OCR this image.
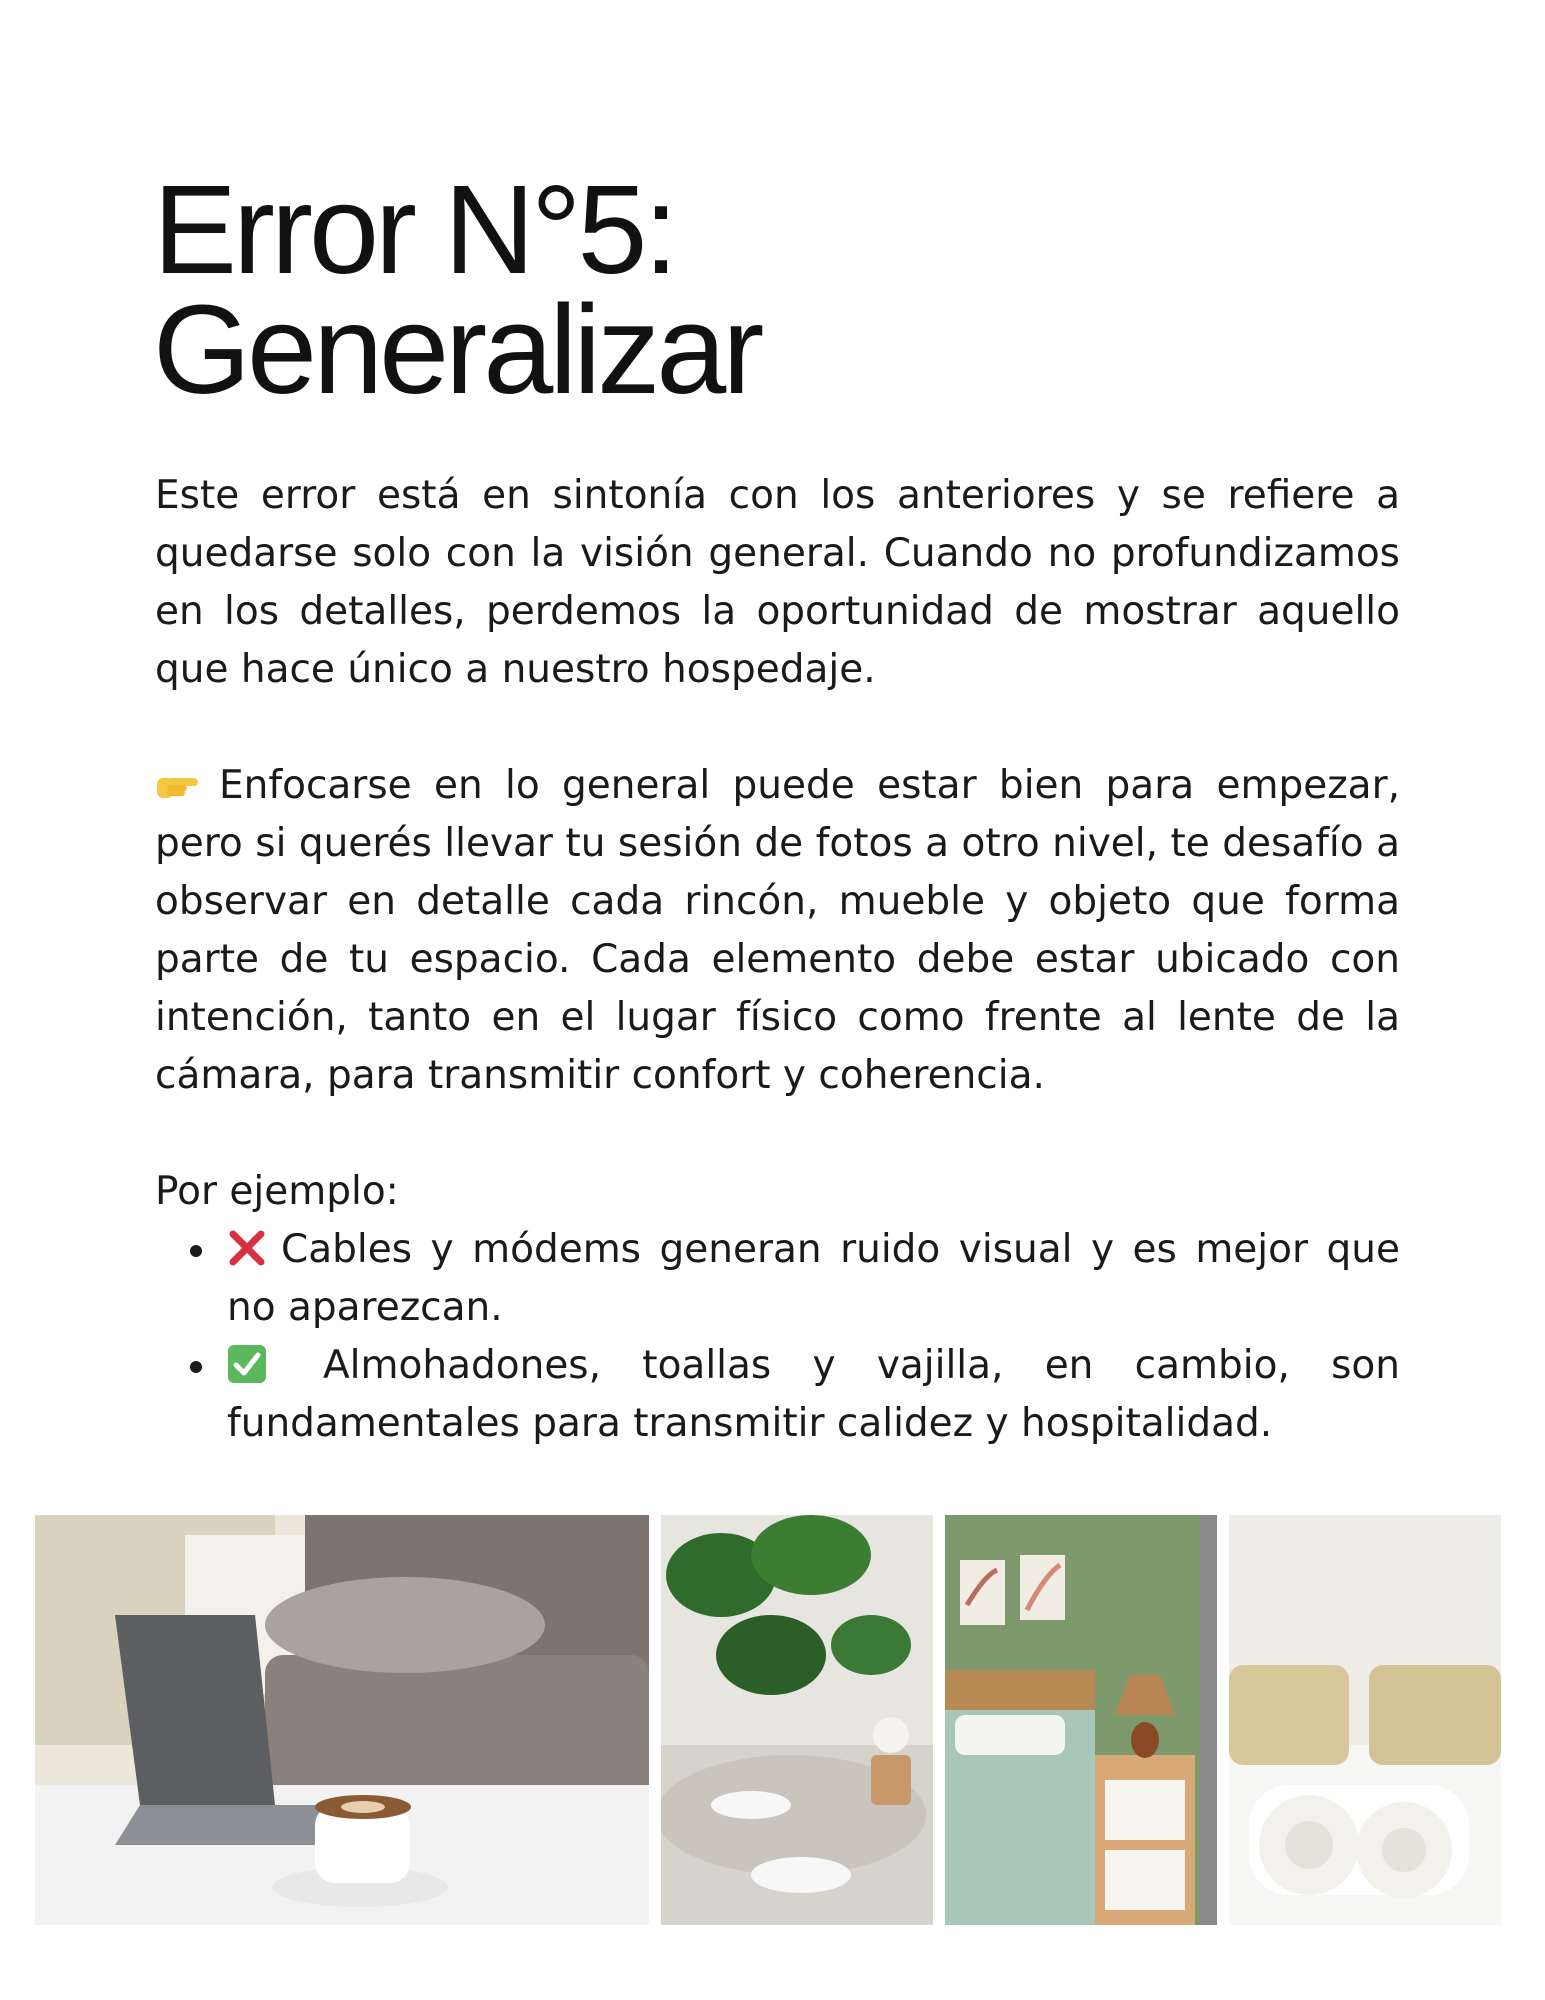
Error N°5:
Generalizar

Este error está en sintonía con los anteriores y se refiere a quedarse solo con la visión general. Cuando no profundizamos en los detalles, perdemos la oportunidad de mostrar aquello que hace único a nuestro hospedaje.

Enfocarse en lo general puede estar bien para empezar, pero si querés llevar tu sesión de fotos a otro nivel, te desafío a observar en detalle cada rincón, mueble y objeto que forma parte de tu espacio. Cada elemento debe estar ubicado con intención, tanto en el lugar físico como frente al lente de la cámara, para transmitir confort y coherencia.

Por ejemplo:

Cables y módems generan ruido visual y es mejor que no aparezcan.
Almohadones, toallas y vajilla, en cambio, son fundamentales para transmitir calidez y hospitalidad.
